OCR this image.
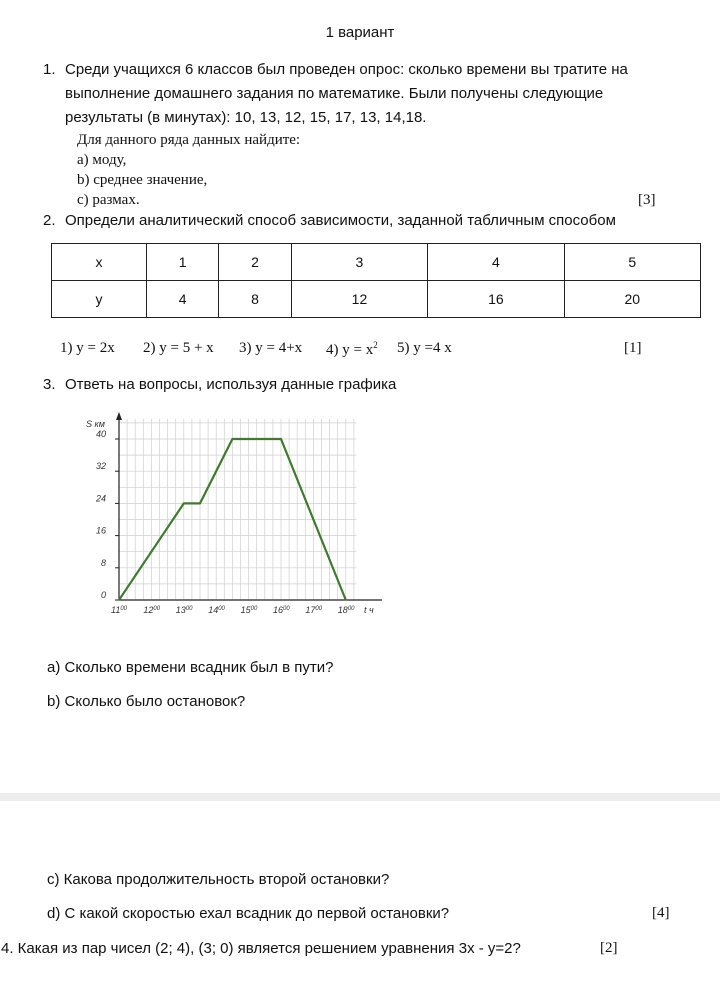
1 вариант
1. Среди учащихся 6 классов был проведен опрос: сколько времени вы тратите на
выполнение домашнего задания по математике. Были получены следующие
результаты (в минутах): 10, 13, 12, 15, 17, 13, 14,18.
Для данного ряда данных найдите:
a) моду,
b) среднее значение,
c) размах.	[3]
2. Определи аналитический способ зависимости, заданной табличным способом
x	1	2	3	4	5
y	4	8	12	16	20
1) y = 2x 2) y = 5 + x 3) y = 4+x 4) $y = x^2$ 5) y =4 x	[1]
3. Ответь на вопросы, используя данные графика
0
8
16
24
32
40
$11^{00}$ $12^{00}$ $13^{00}$ $14^{00}$ $15^{00}$ $16^{00}$ $17^{00}$ $18^{00}$
S км
t ч
a) Сколько времени всадник был в пути?
b) Сколько было остановок?
c) Какова продолжительность второй остановки?
d) С какой скоростью ехал всадник до первой остановки?	[4]
4. Какая из пар чисел (2; 4), (3; 0) является решением уравнения 3x - y=2?	[2]
